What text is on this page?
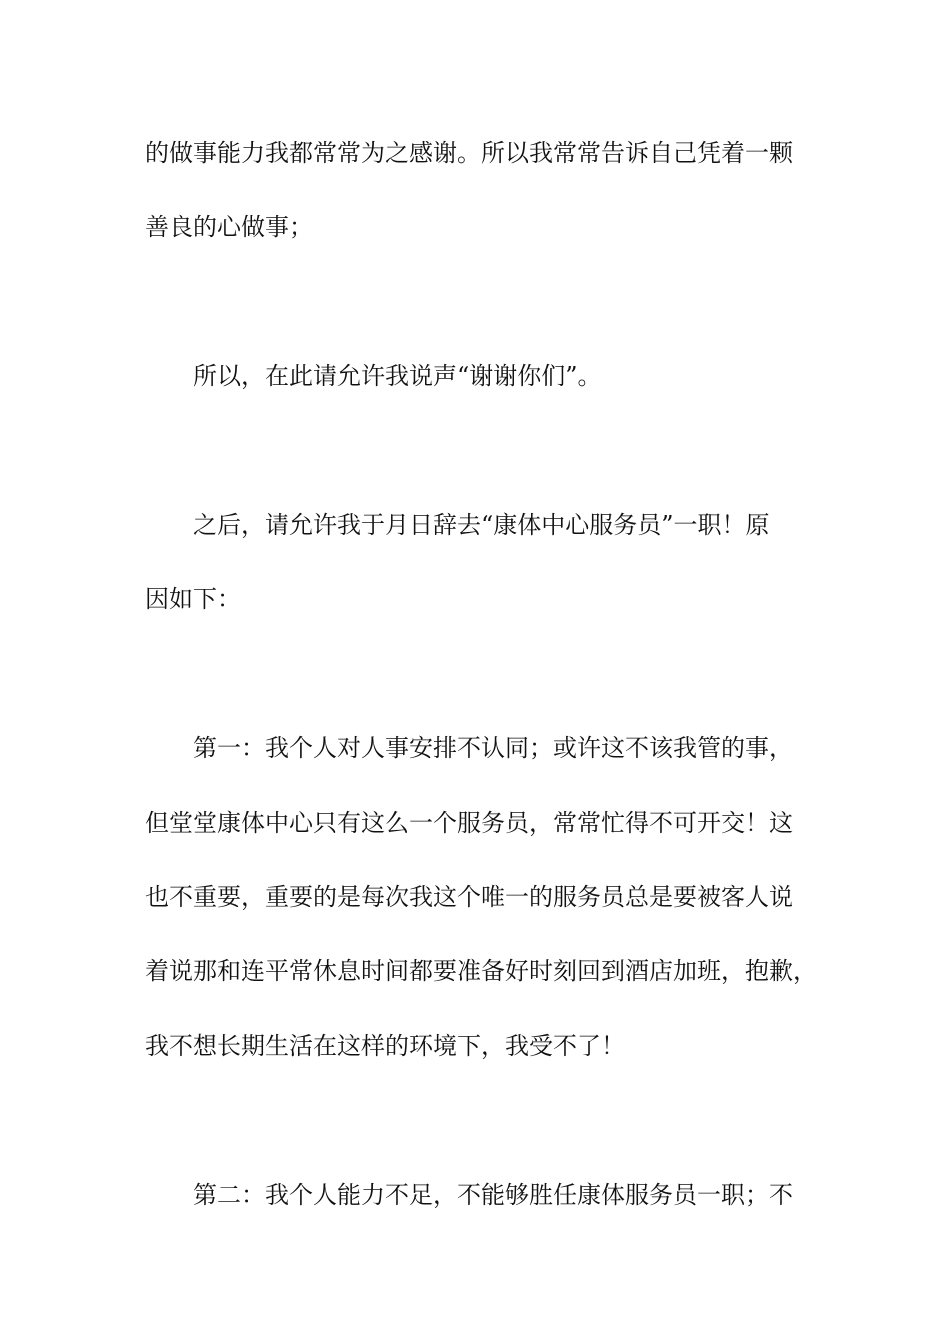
的做事能力我都常常为之感谢。所以我常常告诉自己凭着一颗
善良的心做事；
所以，在此请允许我说声“谢谢你们”。
之后，请允许我于月日辞去“康体中心服务员”一职！原
因如下：
第一：我个人对人事安排不认同；或许这不该我管的事，
但堂堂康体中心只有这么一个服务员，常常忙得不可开交！这
也不重要，重要的是每次我这个唯一的服务员总是要被客人说
着说那和连平常休息时间都要准备好时刻回到酒店加班，抱歉，
我不想长期生活在这样的环境下，我受不了！
第二：我个人能力不足，不能够胜任康体服务员一职；不
